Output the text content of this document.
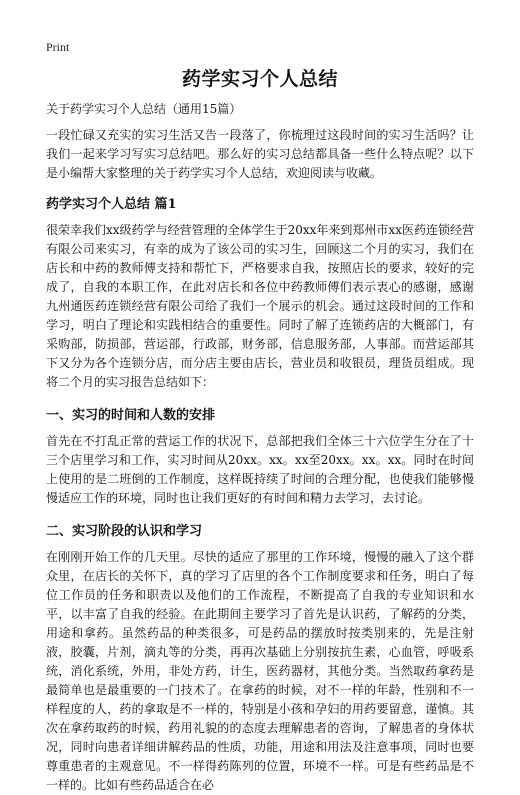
Print
药学实习个人总结
关于药学实习个人总结（通用15篇）

一段忙碌又充实的实习生活又告一段落了，你梳理过这段时间的实习生活吗？让我们一起来学习写实习总结吧。那么好的实习总结都具备一些什么特点呢？以下是小编帮大家整理的关于药学实习个人总结，欢迎阅读与收藏。

药学实习个人总结 篇1

很荣幸我们xx级药学与经营管理的全体学生于20xx年来到郑州市xx医药连锁经营有限公司来实习，有幸的成为了该公司的实习生，回顾这二个月的实习，我们在店长和中药的教师傅支持和帮忙下，严格要求自我，按照店长的要求，较好的完成了，自我的本职工作，在此对店长和各位中药教师傅们表示衷心的感谢，感谢九州通医药连锁经营有限公司给了我们一个展示的机会。通过这段时间的工作和学习，明白了理论和实践相结合的重要性。同时了解了连锁药店的大概部门，有采购部，防损部，营运部，行政部，财务部，信息服务部，人事部。而营运部其下又分为各个连锁分店，而分店主要由店长，营业员和收银员，理货员组成。现将二个月的实习报告总结如下：

一、实习的时间和人数的安排

首先在不打乱正常的营运工作的状况下，总部把我们全体三十六位学生分在了十三个店里学习和工作，实习时间从20xx。xx。xx至20xx。xx。xx。同时在时间上使用的是二班倒的工作制度，这样既持续了时间的合理分配，也使我们能够慢慢适应工作的环境，同时也让我们更好的有时间和精力去学习，去讨论。

二、实习阶段的认识和学习

在刚刚开始工作的几天里。尽快的适应了那里的工作环境，慢慢的融入了这个群众里，在店长的关怀下，真的学习了店里的各个工作制度要求和任务，明白了每位工作员的任务和职责以及他们的工作流程，不断提高了自我的专业知识和水平，以丰富了自我的经验。在此期间主要学习了首先是认识药，了解药的分类，用途和拿药。虽然药品的种类很多，可是药品的摆放时按类别来的，先是注射液，胶囊，片剂，滴丸等的分类，再再次基础上分别按抗生素，心血管，呼吸系统，消化系统，外用，非处方药，计生，医药器材，其他分类。当然取药拿药是最简单也是最重要的一门技术了。在拿药的时候，对不一样的年龄，性别和不一样程度的人，药的拿取是不一样的，特别是小孩和孕妇的用药要留意，谨慎。其次在拿药取药的时候，药用礼貌的的态度去理解患者的咨询，了解患者的身体状况，同时向患者详细讲解药品的性质，功能，用途和用法及注意事项，同时也要尊重患者的主观意见。不一样得药陈列的位置，环境不一样。可是有些药品是不一样的。比如有些药品适合在必
